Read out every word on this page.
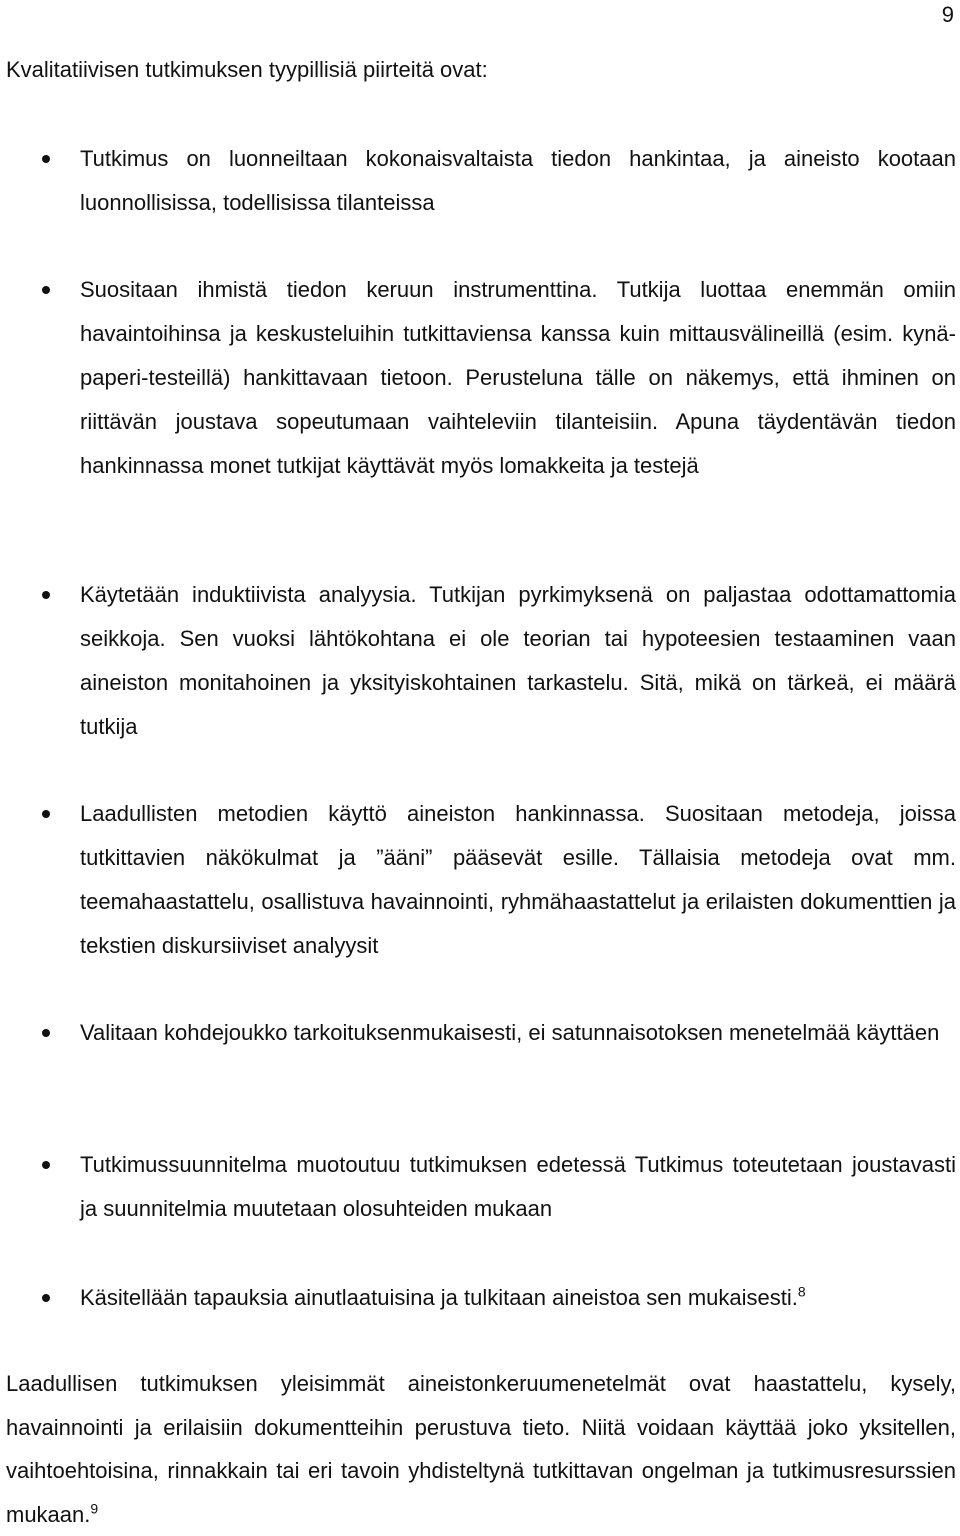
9
Kvalitatiivisen tutkimuksen tyypillisiä piirteitä ovat:
Tutkimus on luonneiltaan kokonaisvaltaista tiedon hankintaa, ja aineisto kootaan luonnollisissa, todellisissa tilanteissa
Suositaan ihmistä tiedon keruun instrumenttina. Tutkija luottaa enemmän omiin havaintoihinsa ja keskusteluihin tutkittaviensa kanssa kuin mittausvälineillä (esim. kynä-paperi-testeillä) hankittavaan tietoon. Perusteluna tälle on näkemys, että ihminen on riittävän joustava sopeutumaan vaihteleviin tilanteisiin. Apuna täydentävän tiedon hankinnassa monet tutkijat käyttävät myös lomakkeita ja testejä
Käytetään induktiivista analyysia. Tutkijan pyrkimyksenä on paljastaa odottamattomia seikkoja. Sen vuoksi lähtökohtana ei ole teorian tai hypoteesien testaaminen vaan aineiston monitahoinen ja yksityiskohtainen tarkastelu. Sitä, mikä on tärkeä, ei määrä tutkija
Laadullisten metodien käyttö aineiston hankinnassa. Suositaan metodeja, joissa tutkittavien näkökulmat ja ”ääni” pääsevät esille. Tällaisia metodeja ovat mm. teemahaastattelu, osallistuva havainnointi, ryhmähaastattelut ja erilaisten dokumenttien ja tekstien diskursiiviset analyysit
Valitaan kohdejoukko tarkoituksenmukaisesti, ei satunnaisotoksen menetelmää käyttäen
Tutkimussuunnitelma muotoutuu tutkimuksen edetessä Tutkimus toteutetaan joustavasti ja suunnitelmia muutetaan olosuhteiden mukaan
Käsitellään tapauksia ainutlaatuisina ja tulkitaan aineistoa sen mukaisesti.$^8$

Laadullisen tutkimuksen yleisimmät aineistonkeruumenetelmät ovat haastattelu, kysely, havainnointi ja erilaisiin dokumentteihin perustuva tieto. Niitä voidaan käyttää joko yksitellen, vaihtoehtoisina, rinnakkain tai eri tavoin yhdisteltynä tutkittavan ongelman ja tutkimusresurssien mukaan.$^9$
